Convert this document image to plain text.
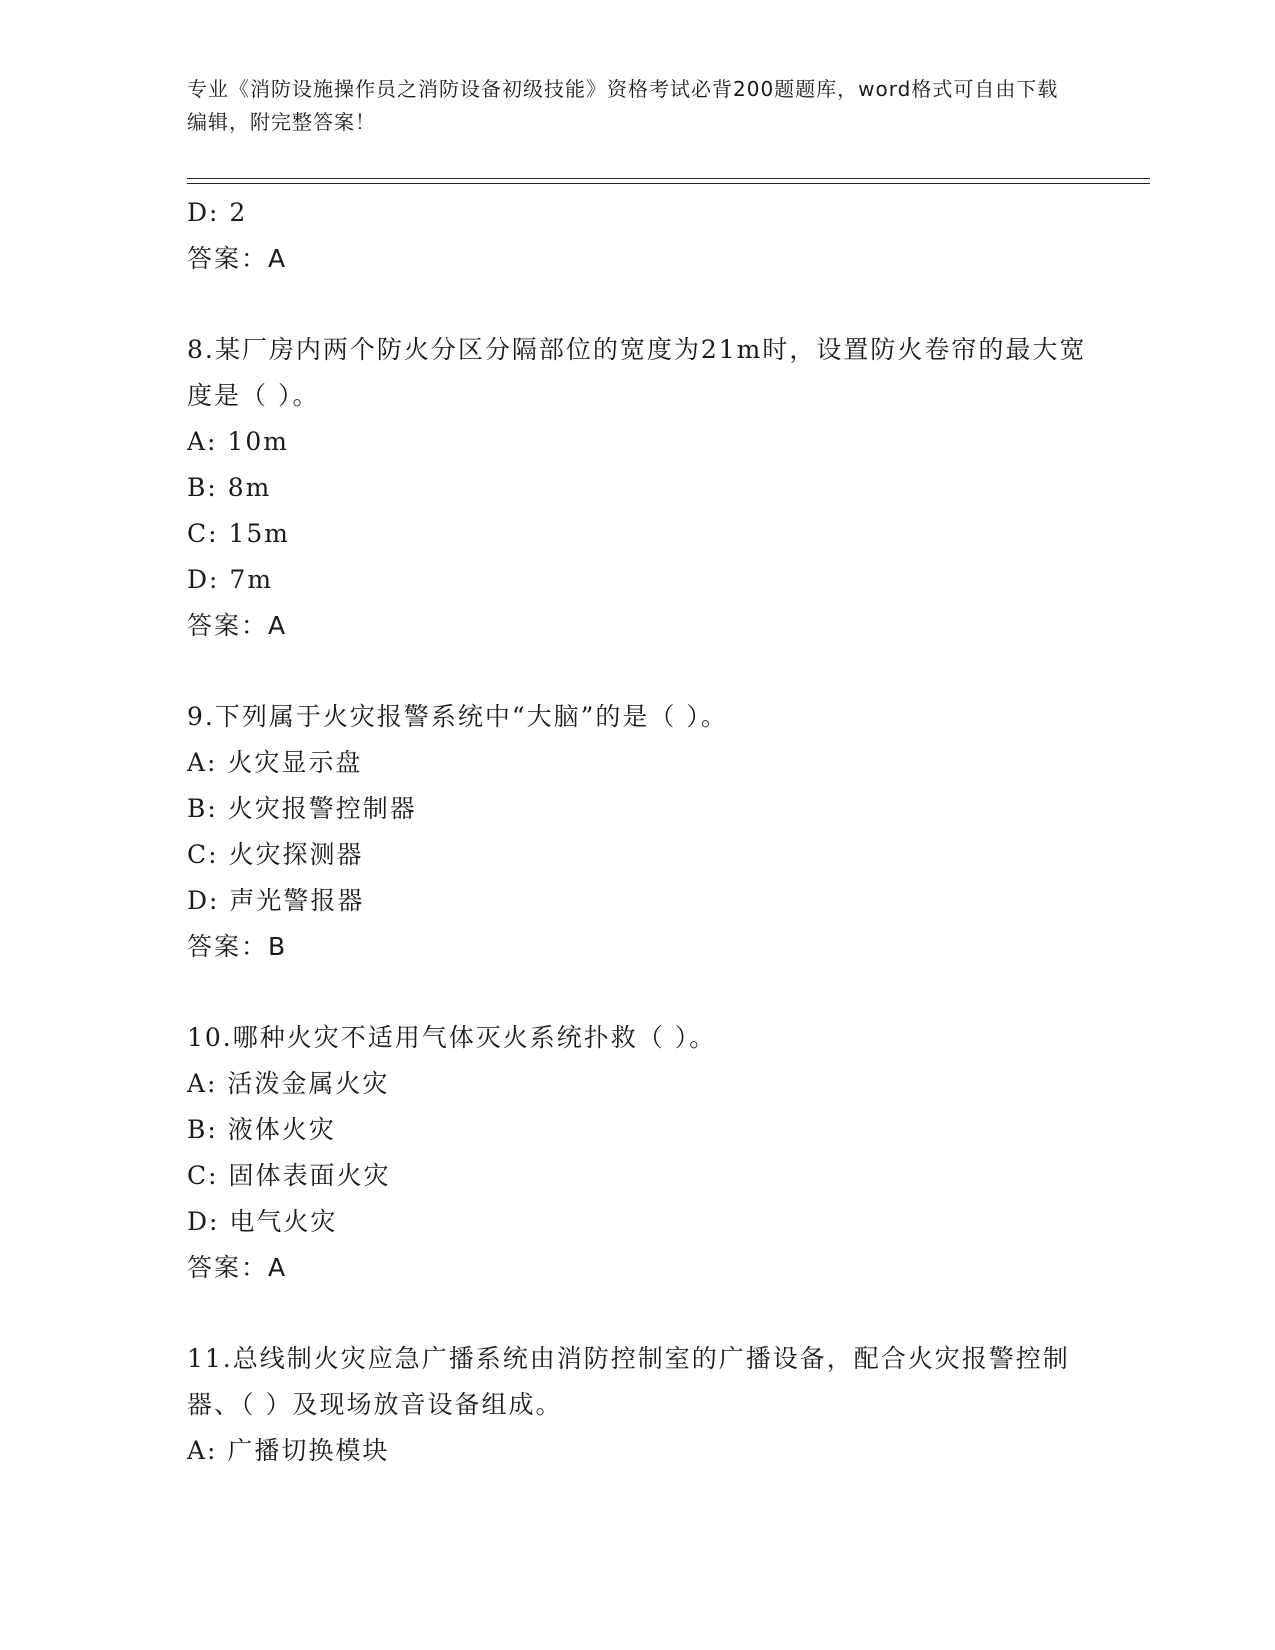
专业《消防设施操作员之消防设备初级技能》资格考试必背200题题库，word格式可自由下载编辑，附完整答案！
D: 2
答案：A
8.某厂房内两个防火分区分隔部位的宽度为21m时，设置防火卷帘的最大宽度是（ ）。
A: 10m
B: 8m
C: 15m
D: 7m
答案：A
9.下列属于火灾报警系统中“大脑”的是（ ）。
A: 火灾显示盘
B: 火灾报警控制器
C: 火灾探测器
D: 声光警报器
答案：B
10.哪种火灾不适用气体灭火系统扑救（ ）。
A: 活泼金属火灾
B: 液体火灾
C: 固体表面火灾
D: 电气火灾
答案：A
11.总线制火灾应急广播系统由消防控制室的广播设备，配合火灾报警控制器、（ ）及现场放音设备组成。
A: 广播切换模块
